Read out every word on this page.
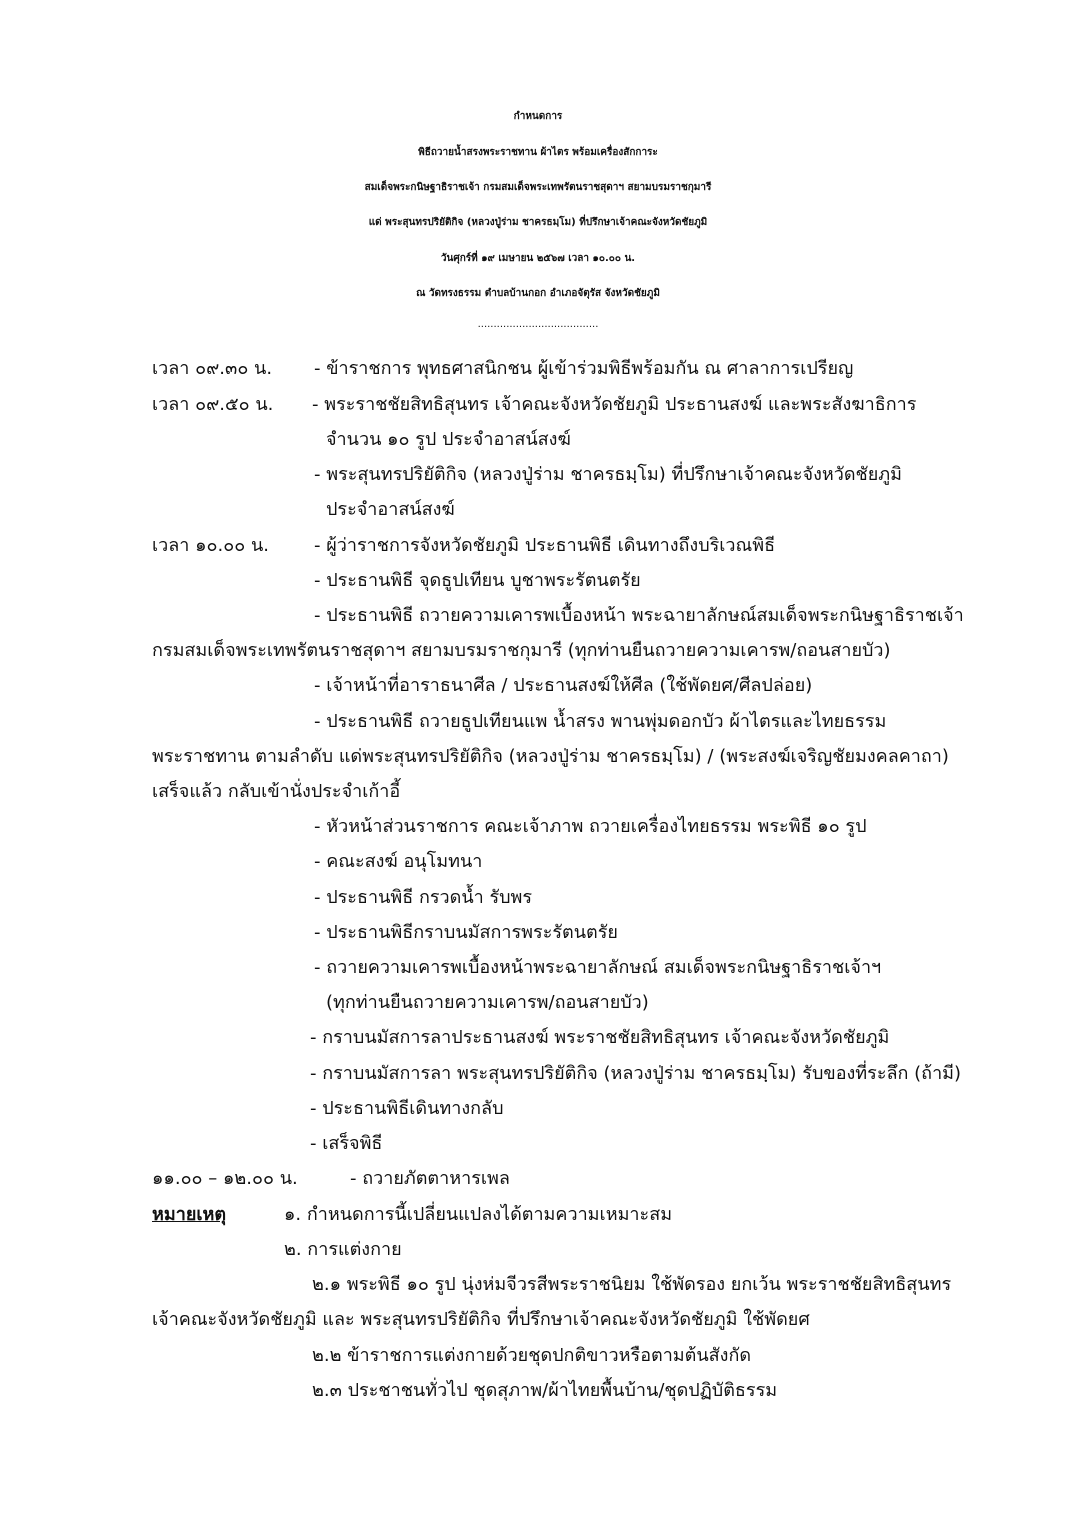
กำหนดการ
พิธีถวายน้ำสรงพระราชทาน ผ้าไตร พร้อมเครื่องสักการะ
สมเด็จพระกนิษฐาธิราชเจ้า กรมสมเด็จพระเทพรัตนราชสุดาฯ สยามบรมราชกุมารี
แด่ พระสุนทรปริยัติกิจ (หลวงปู่ร่าม ชาครธมฺโม) ที่ปรึกษาเจ้าคณะจังหวัดชัยภูมิ
วันศุกร์ที่ ๑๙ เมษายน ๒๕๖๗ เวลา ๑๐.๐๐ น.
ณ วัดทรงธรรม ตำบลบ้านกอก อำเภอจัตุรัส จังหวัดชัยภูมิ
......................................
เวลา ๐๙.๓๐ น. - ข้าราชการ พุทธศาสนิกชน ผู้เข้าร่วมพิธีพร้อมกัน ณ ศาลาการเปรียญ
เวลา ๐๙.๕๐ น. - พระราชชัยสิทธิสุนทร เจ้าคณะจังหวัดชัยภูมิ ประธานสงฆ์ และพระสังฆาธิการ
จำนวน ๑๐ รูป ประจำอาสน์สงฆ์
- พระสุนทรปริยัติกิจ (หลวงปู่ร่าม ชาครธมฺโม) ที่ปรึกษาเจ้าคณะจังหวัดชัยภูมิ
ประจำอาสน์สงฆ์
เวลา ๑๐.๐๐ น.	- ผู้ว่าราชการจังหวัดชัยภูมิ ประธานพิธี เดินทางถึงบริเวณพิธี
- ประธานพิธี จุดธูปเทียน บูชาพระรัตนตรัย
- ประธานพิธี ถวายความเคารพเบื้องหน้า พระฉายาลักษณ์สมเด็จพระกนิษฐาธิราชเจ้า
กรมสมเด็จพระเทพรัตนราชสุดาฯ สยามบรมราชกุมารี (ทุกท่านยืนถวายความเคารพ/ถอนสายบัว)
- เจ้าหน้าที่อาราธนาศีล / ประธานสงฆ์ให้ศีล (ใช้พัดยศ/ศีลปล่อย)
- ประธานพิธี ถวายธูปเทียนแพ น้ำสรง พานพุ่มดอกบัว ผ้าไตรและไทยธรรม
พระราชทาน ตามลำดับ แด่พระสุนทรปริยัติกิจ (หลวงปู่ร่าม ชาครธมฺโม) / (พระสงฆ์เจริญชัยมงคลคาถา)
เสร็จแล้ว กลับเข้านั่งประจำเก้าอี้
- หัวหน้าส่วนราชการ คณะเจ้าภาพ ถวายเครื่องไทยธรรม พระพิธี ๑๐ รูป
- คณะสงฆ์ อนุโมทนา
- ประธานพิธี กรวดน้ำ รับพร
- ประธานพิธีกราบนมัสการพระรัตนตรัย
- ถวายความเคารพเบื้องหน้าพระฉายาลักษณ์ สมเด็จพระกนิษฐาธิราชเจ้าฯ
(ทุกท่านยืนถวายความเคารพ/ถอนสายบัว)
- กราบนมัสการลาประธานสงฆ์ พระราชชัยสิทธิสุนทร เจ้าคณะจังหวัดชัยภูมิ
- กราบนมัสการลา พระสุนทรปริยัติกิจ (หลวงปู่ร่าม ชาครธมฺโม) รับของที่ระลึก (ถ้ามี)
- ประธานพิธีเดินทางกลับ
- เสร็จพิธี
๑๑.๐๐ – ๑๒.๐๐ น.	- ถวายภัตตาหารเพล
หมายเหตุ	๑. กำหนดการนี้เปลี่ยนแปลงได้ตามความเหมาะสม
๒. การแต่งกาย
๒.๑ พระพิธี ๑๐ รูป นุ่งห่มจีวรสีพระราชนิยม ใช้พัดรอง ยกเว้น พระราชชัยสิทธิสุนทร
เจ้าคณะจังหวัดชัยภูมิ และ พระสุนทรปริยัติกิจ ที่ปรึกษาเจ้าคณะจังหวัดชัยภูมิ ใช้พัดยศ
๒.๒ ข้าราชการแต่งกายด้วยชุดปกติขาวหรือตามต้นสังกัด
๒.๓ ประชาชนทั่วไป ชุดสุภาพ/ผ้าไทยพื้นบ้าน/ชุดปฏิบัติธรรม
